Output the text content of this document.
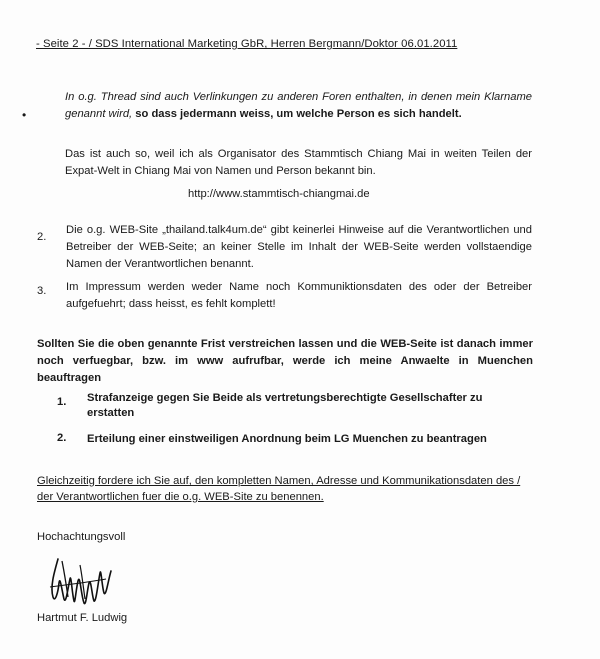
- Seite 2 - / SDS International Marketing GbR, Herren Bergmann/Doktor 06.01.2011
•
In o.g. Thread sind auch Verlinkungen zu anderen Foren enthalten, in denen mein Klarname genannt wird, so dass jedermann weiss, um welche Person es sich handelt.
Das ist auch so, weil ich als Organisator des Stammtisch Chiang Mai in weiten Teilen der Expat-Welt in Chiang Mai von Namen und Person bekannt bin.
http://www.stammtisch-chiangmai.de
2.
Die o.g. WEB-Site „thailand.talk4um.de“ gibt keinerlei Hinweise auf die Verantwortlichen und Betreiber der WEB-Seite; an keiner Stelle im Inhalt der WEB-Seite werden vollstaendige Namen der Verantwortlichen benannt.
3. Im Impressum werden weder Name noch Kommuniktionsdaten des oder der Betreiber aufgefuehrt; dass heisst, es fehlt komplett!
Sollten Sie die oben genannte Frist verstreichen lassen und die WEB-Seite ist danach immer noch verfuegbar, bzw. im www aufrufbar, werde ich meine Anwaelte in Muenchen beauftragen
1. Strafanzeige gegen Sie Beide als vertretungsberechtigte Gesellschafter zu erstatten
2. Erteilung einer einstweiligen Anordnung beim LG Muenchen zu beantragen
Gleichzeitig fordere ich Sie auf, den kompletten Namen, Adresse und Kommunikationsdaten des / der Verantwortlichen fuer die o.g. WEB-Site zu benennen.
Hochachtungsvoll
Hartmut F. Ludwig
